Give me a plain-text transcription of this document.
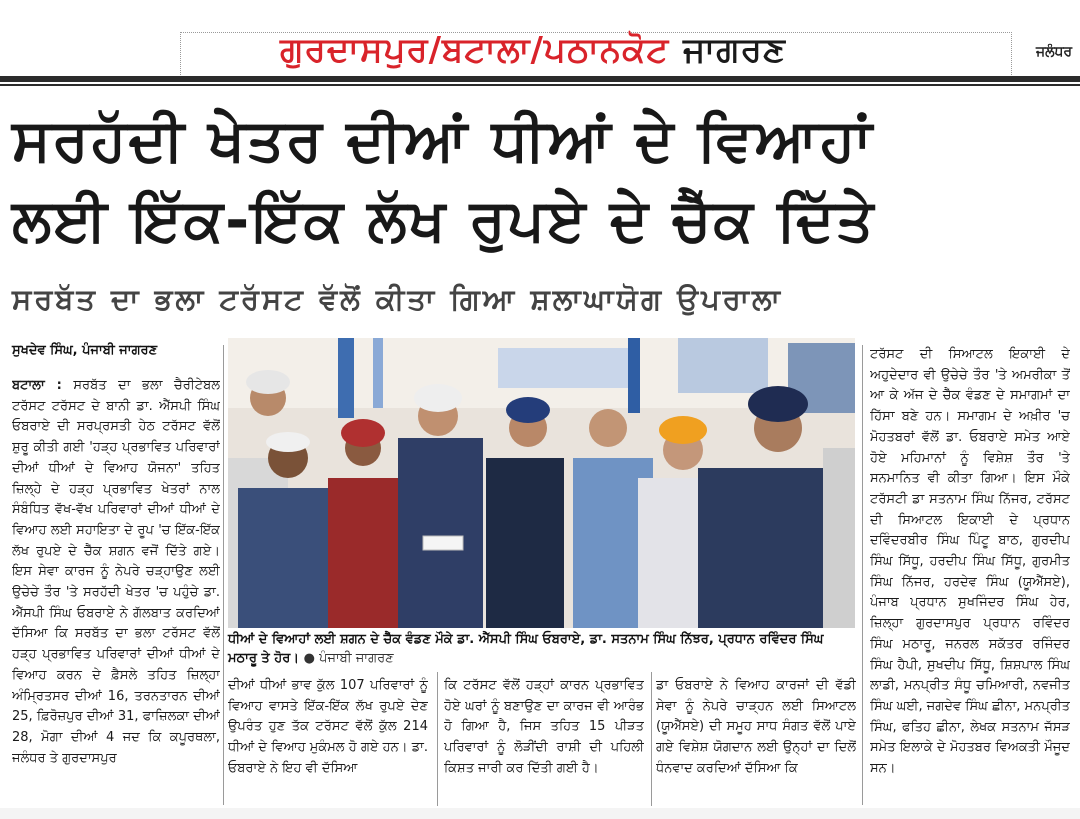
ਗੁਰਦਾਸਪੁਰ/ਬਟਾਲਾ/ਪਠਾਨਕੋਟ ਜਾਗਰਣ	ਜਲੰਧਰ
ਸਰਹੱਦੀ ਖੇਤਰ ਦੀਆਂ ਧੀਆਂ ਦੇ ਵਿਆਹਾਂ
ਲਈ ਇੱਕ-ਇੱਕ ਲੱਖ ਰੁਪਏ ਦੇ ਚੈੱਕ ਦਿੱਤੇ
ਸਰਬੱਤ ਦਾ ਭਲਾ ਟਰੱਸਟ ਵੱਲੋਂ ਕੀਤਾ ਗਿਆ ਸ਼ਲਾਘਾਯੋਗ ਉਪਰਾਲਾ
ਸੁਖਦੇਵ ਸਿੰਘ, ਪੰਜਾਬੀ ਜਾਗਰਣ
ਬਟਾਲਾ : ਸਰਬੱਤ ਦਾ ਭਲਾ ਚੈਰੀਟੇਬਲ ਟਰੱਸਟ ਟਰੱਸਟ ਦੇ ਬਾਨੀ ਡਾ. ਐੱਸਪੀ ਸਿੰਘ ਓਬਰਾਏ ਦੀ ਸਰਪ੍ਰਸਤੀ ਹੇਠ ਟਰੱਸਟ ਵੱਲੋਂ ਸ਼ੁਰੂ ਕੀਤੀ ਗਈ 'ਹੜ੍ਹ ਪ੍ਰਭਾਵਿਤ ਪਰਿਵਾਰਾਂ ਦੀਆਂ ਧੀਆਂ ਦੇ ਵਿਆਹ ਯੋਜਨਾ' ਤਹਿਤ ਜ਼ਿਲ੍ਹੇ ਦੇ ਹੜ੍ਹ ਪ੍ਰਭਾਵਿਤ ਖੇਤਰਾਂ ਨਾਲ ਸੰਬੰਧਿਤ ਵੱਖ-ਵੱਖ ਪਰਿਵਾਰਾਂ ਦੀਆਂ ਧੀਆਂ ਦੇ ਵਿਆਹ ਲਈ ਸਹਾਇਤਾ ਦੇ ਰੂਪ 'ਚ ਇੱਕ-ਇੱਕ ਲੱਖ ਰੁਪਏ ਦੇ ਚੈੱਕ ਸ਼ਗਨ ਵਜੋਂ ਦਿੱਤੇ ਗਏ। ਇਸ ਸੇਵਾ ਕਾਰਜ ਨੂੰ ਨੇਪਰੇ ਚੜ੍ਹਾਉਣ ਲਈ ਉਚੇਚੇ ਤੌਰ 'ਤੇ ਸਰਹੱਦੀ ਖੇਤਰ 'ਚ ਪਹੁੰਚੇ ਡਾ. ਐੱਸਪੀ ਸਿੰਘ ਓਬਰਾਏ ਨੇ ਗੱਲਬਾਤ ਕਰਦਿਆਂ ਦੱਸਿਆ ਕਿ ਸਰਬੱਤ ਦਾ ਭਲਾ ਟਰੱਸਟ ਵੱਲੋਂ ਹੜ੍ਹ ਪ੍ਰਭਾਵਿਤ ਪਰਿਵਾਰਾਂ ਦੀਆਂ ਧੀਆਂ ਦੇ ਵਿਆਹ ਕਰਨ ਦੇ ਫ਼ੈਸਲੇ ਤਹਿਤ ਜ਼ਿਲ੍ਹਾ ਅੰਮ੍ਰਿਤਸਰ ਦੀਆਂ 16, ਤਰਨਤਾਰਨ ਦੀਆਂ 25, ਫ਼ਿਰੋਜ਼ਪੁਰ ਦੀਆਂ 31, ਫਾਜ਼ਿਲਕਾ ਦੀਆਂ 28, ਮੋਗਾ ਦੀਆਂ 4 ਜਦ ਕਿ ਕਪੂਰਥਲਾ, ਜਲੰਧਰ ਤੇ ਗੁਰਦਾਸਪੁਰ
ਧੀਆਂ ਦੇ ਵਿਆਹਾਂ ਲਈ ਸ਼ਗਨ ਦੇ ਚੈੱਕ ਵੰਡਣ ਮੌਕੇ ਡਾ. ਐੱਸਪੀ ਸਿੰਘ ਓਬਰਾਏ, ਡਾ. ਸਤਨਾਮ ਸਿੰਘ ਨਿੱਝਰ, ਪ੍ਰਧਾਨ ਰਵਿੰਦਰ ਸਿੰਘ ਮਠਾਰੂ ਤੇ ਹੋਰ। ● ਪੰਜਾਬੀ ਜਾਗਰਣ
ਦੀਆਂ ਧੀਆਂ ਭਾਵ ਕੁੱਲ 107 ਪਰਿਵਾਰਾਂ ਨੂੰ ਵਿਆਹ ਵਾਸਤੇ ਇੱਕ-ਇੱਕ ਲੱਖ ਰੁਪਏ ਦੇਣ ਉਪਰੰਤ ਹੁਣ ਤੱਕ ਟਰੱਸਟ ਵੱਲੋਂ ਕੁੱਲ 214 ਧੀਆਂ ਦੇ ਵਿਆਹ ਮੁਕੰਮਲ ਹੋ ਗਏ ਹਨ। ਡਾ. ਓਬਰਾਏ ਨੇ ਇਹ ਵੀ ਦੱਸਿਆ
ਕਿ ਟਰੱਸਟ ਵੱਲੋਂ ਹੜ੍ਹਾਂ ਕਾਰਨ ਪ੍ਰਭਾਵਿਤ ਹੋਏ ਘਰਾਂ ਨੂੰ ਬਣਾਉਣ ਦਾ ਕਾਰਜ ਵੀ ਆਰੰਭ ਹੋ ਗਿਆ ਹੈ, ਜਿਸ ਤਹਿਤ 15 ਪੀੜਤ ਪਰਿਵਾਰਾਂ ਨੂੰ ਲੋੜੀਂਦੀ ਰਾਸ਼ੀ ਦੀ ਪਹਿਲੀ ਕਿਸ਼ਤ ਜਾਰੀ ਕਰ ਦਿੱਤੀ ਗਈ ਹੈ।
ਡਾ ਓਬਰਾਏ ਨੇ ਵਿਆਹ ਕਾਰਜਾਂ ਦੀ ਵੱਡੀ ਸੇਵਾ ਨੂੰ ਨੇਪਰੇ ਚਾੜ੍ਹਨ ਲਈ ਸਿਆਟਲ (ਯੂਐੱਸਏ) ਦੀ ਸਮੂਹ ਸਾਧ ਸੰਗਤ ਵੱਲੋਂ ਪਾਏ ਗਏ ਵਿਸ਼ੇਸ਼ ਯੋਗਦਾਨ ਲਈ ਉਨ੍ਹਾਂ ਦਾ ਦਿਲੋਂ ਧੰਨਵਾਦ ਕਰਦਿਆਂ ਦੱਸਿਆ ਕਿ
ਟਰੱਸਟ ਦੀ ਸਿਆਟਲ ਇਕਾਈ ਦੇ ਅਹੁਦੇਦਾਰ ਵੀ ਉਚੇਚੇ ਤੌਰ 'ਤੇ ਅਮਰੀਕਾ ਤੋਂ ਆ ਕੇ ਅੱਜ ਦੇ ਚੈੱਕ ਵੰਡਣ ਦੇ ਸਮਾਗਮਾਂ ਦਾ ਹਿੱਸਾ ਬਣੇ ਹਨ। ਸਮਾਗਮ ਦੇ ਅਖ਼ੀਰ 'ਚ ਮੋਹਤਬਰਾਂ ਵੱਲੋਂ ਡਾ. ਓਬਰਾਏ ਸਮੇਤ ਆਏ ਹੋਏ ਮਹਿਮਾਨਾਂ ਨੂੰ ਵਿਸ਼ੇਸ਼ ਤੌਰ 'ਤੇ ਸਨਮਾਨਿਤ ਵੀ ਕੀਤਾ ਗਿਆ। ਇਸ ਮੌਕੇ ਟਰੱਸਟੀ ਡਾ ਸਤਨਾਮ ਸਿੰਘ ਨਿੱਜਰ, ਟਰੱਸਟ ਦੀ ਸਿਆਟਲ ਇਕਾਈ ਦੇ ਪ੍ਰਧਾਨ ਦਵਿੰਦਰਬੀਰ ਸਿੰਘ ਪਿੰਟੂ ਬਾਠ, ਗੁਰਦੀਪ ਸਿੰਘ ਸਿੱਧੂ, ਹਰਦੀਪ ਸਿੰਘ ਸਿੱਧੂ, ਗੁਰਮੀਤ ਸਿੰਘ ਨਿੱਜਰ, ਹਰਦੇਵ ਸਿੰਘ (ਯੂਐੱਸਏ), ਪੰਜਾਬ ਪ੍ਰਧਾਨ ਸੁਖਜਿੰਦਰ ਸਿੰਘ ਹੇਰ, ਜ਼ਿਲ੍ਹਾ ਗੁਰਦਾਸਪੁਰ ਪ੍ਰਧਾਨ ਰਵਿੰਦਰ ਸਿੰਘ ਮਠਾਰੂ, ਜਨਰਲ ਸਕੱਤਰ ਰਜਿੰਦਰ ਸਿੰਘ ਹੈਪੀ, ਸੁਖਦੀਪ ਸਿੱਧੂ, ਸ਼ਿਸ਼ਪਾਲ ਸਿੰਘ ਲਾਡੀ, ਮਨਪ੍ਰੀਤ ਸੰਧੂ ਚਮਿਆਰੀ, ਨਵਜੀਤ ਸਿੰਘ ਘਈ, ਜਗਦੇਵ ਸਿੰਘ ਛੀਨਾ, ਮਨਪ੍ਰੀਤ ਸਿੰਘ, ਫਤਿਹ ਛੀਨਾ, ਲੇਖਕ ਸਤਨਾਮ ਜੱਸੜ ਸਮੇਤ ਇਲਾਕੇ ਦੇ ਮੋਹਤਬਰ ਵਿਅਕਤੀ ਮੌਜੂਦ ਸਨ।
